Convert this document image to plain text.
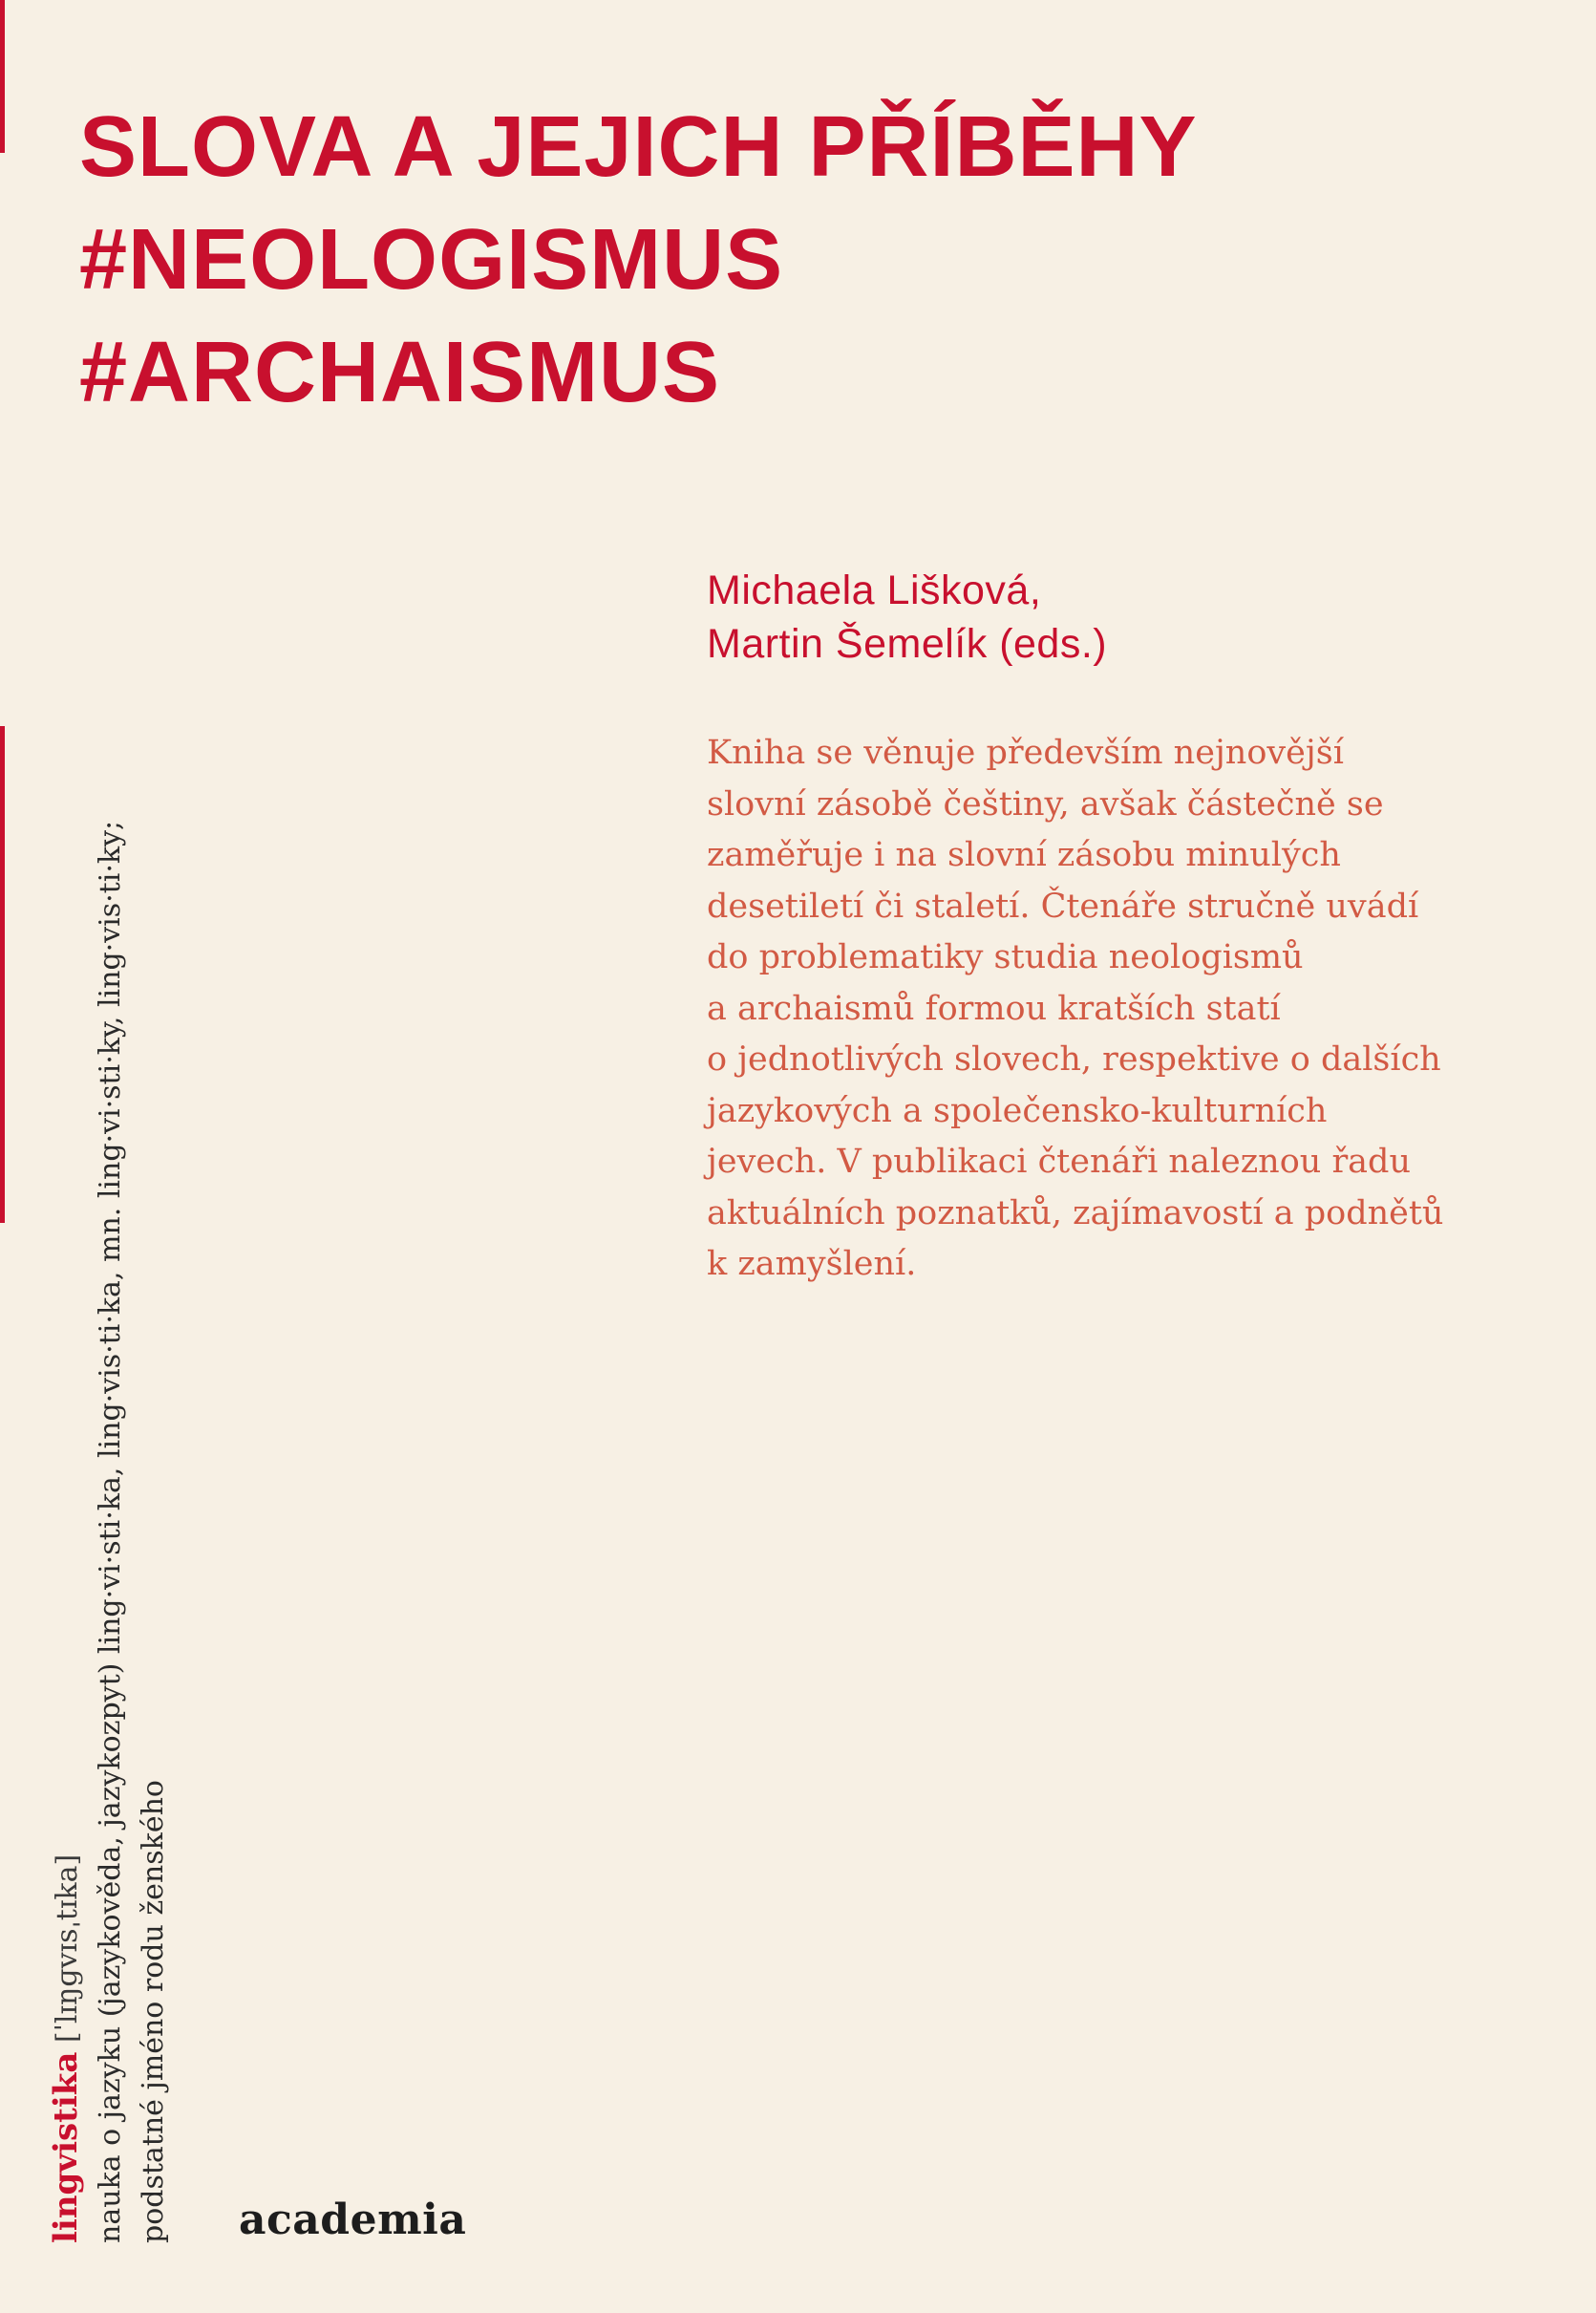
SLOVA A JEJICH PŘÍBĚHY
#NEOLOGISMUS
#ARCHAISMUS
Michaela Lišková,
Martin Šemelík (eds.)
Kniha se věnuje především nejnovější
slovní zásobě češtiny, avšak částečně se
zaměřuje i na slovní zásobu minulých
desetiletí či staletí. Čtenáře stručně uvádí
do problematiky studia neologismů
a archaismů formou kratších statí
o jednotlivých slovech, respektive o dalších
jazykových a společensko-kulturních
jevech. V publikaci čtenáři naleznou řadu
aktuálních poznatků, zajímavostí a podnětů
k zamyšlení.
lingvistika [ˈlɪŋɡvɪsˌtɪka] nauka o jazyku (jazykověda, jazykozpyt) ling·vi·sti·ka, ling·vis·ti·ka, mn. ling·vi·sti·ky, ling·vis·ti·ky; podstatné jméno rodu ženského academia
